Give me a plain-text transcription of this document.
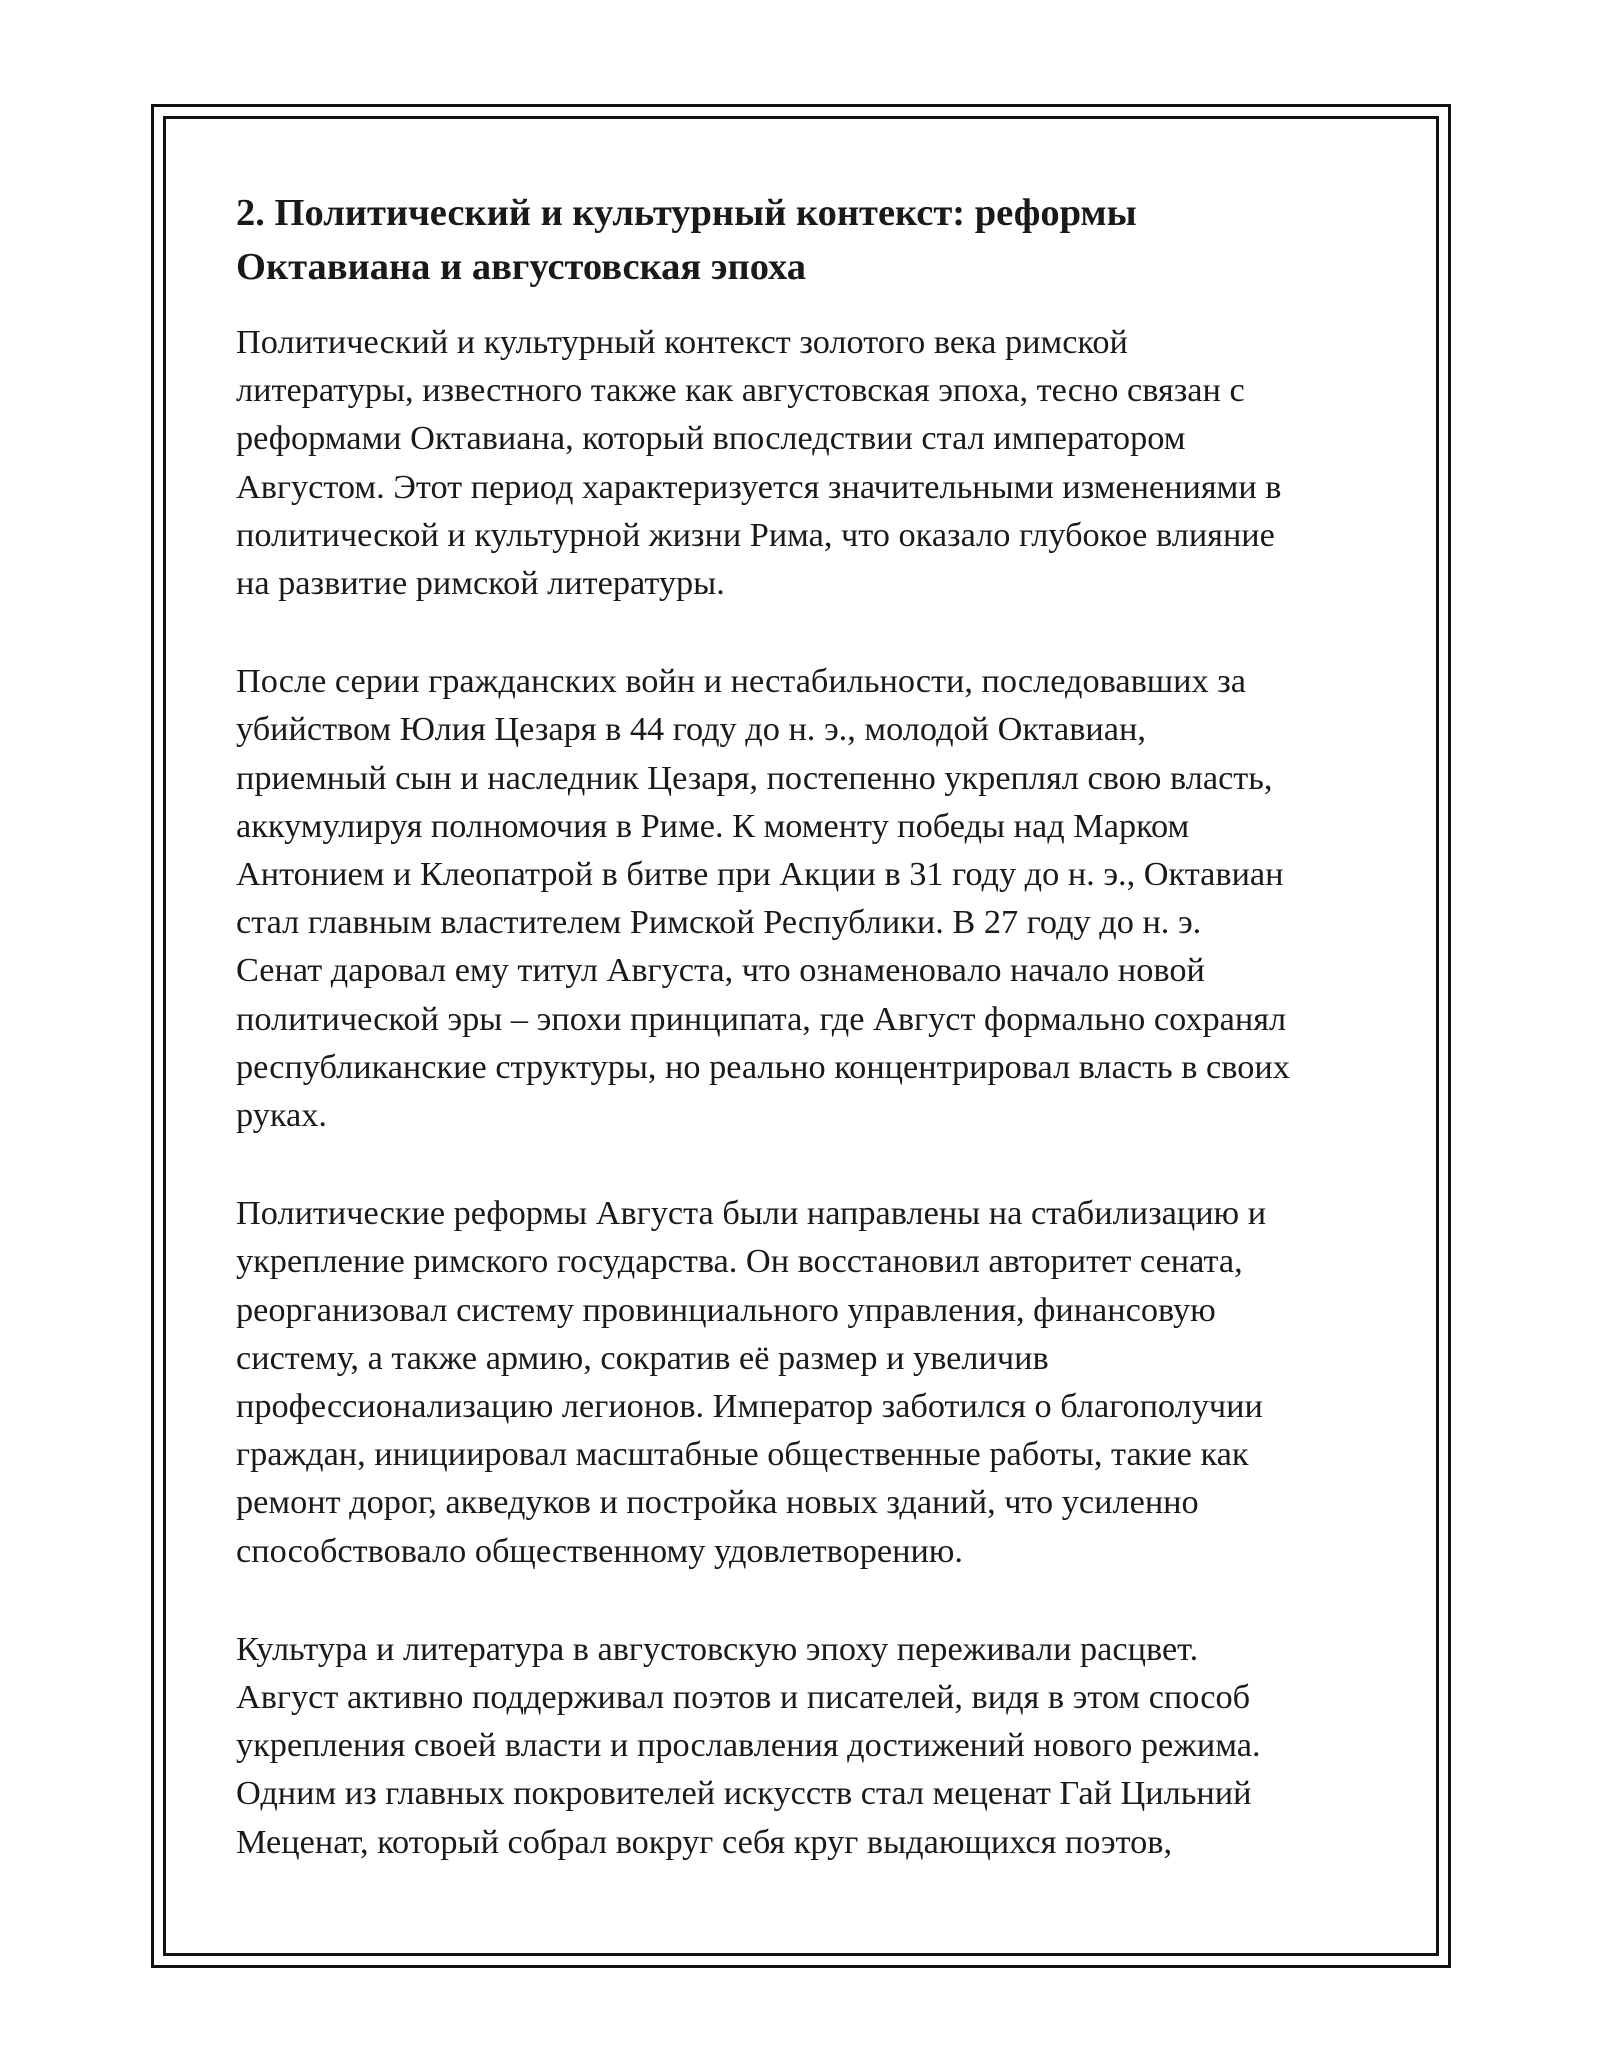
2. Политический и культурный контекст: реформы
Октавиана и августовская эпоха

Политический и культурный контекст золотого века римской
литературы, известного также как августовская эпоха, тесно связан с
реформами Октавиана, который впоследствии стал императором
Августом. Этот период характеризуется значительными изменениями в
политической и культурной жизни Рима, что оказало глубокое влияние
на развитие римской литературы.

После серии гражданских войн и нестабильности, последовавших за
убийством Юлия Цезаря в 44 году до н. э., молодой Октавиан,
приемный сын и наследник Цезаря, постепенно укреплял свою власть,
аккумулируя полномочия в Риме. К моменту победы над Марком
Антонием и Клеопатрой в битве при Акции в 31 году до н. э., Октавиан
стал главным властителем Римской Республики. В 27 году до н. э.
Сенат даровал ему титул Августа, что ознаменовало начало новой
политической эры – эпохи принципата, где Август формально сохранял
республиканские структуры, но реально концентрировал власть в своих
руках.

Политические реформы Августа были направлены на стабилизацию и
укрепление римского государства. Он восстановил авторитет сената,
реорганизовал систему провинциального управления, финансовую
систему, а также армию, сократив её размер и увеличив
профессионализацию легионов. Император заботился о благополучии
граждан, инициировал масштабные общественные работы, такие как
ремонт дорог, акведуков и постройка новых зданий, что усиленно
способствовало общественному удовлетворению.

Культура и литература в августовскую эпоху переживали расцвет.
Август активно поддерживал поэтов и писателей, видя в этом способ
укрепления своей власти и прославления достижений нового режима.
Одним из главных покровителей искусств стал меценат Гай Цильний
Меценат, который собрал вокруг себя круг выдающихся поэтов,
